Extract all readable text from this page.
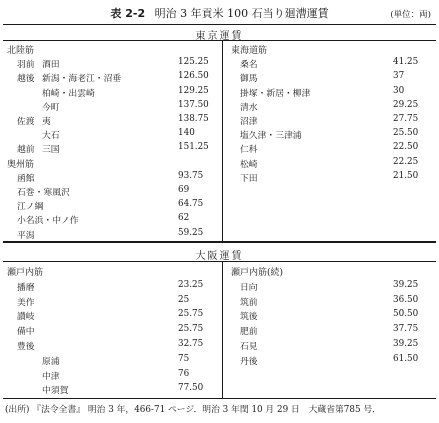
表 2-2 明治 3 年貢米 100 石当り廻漕運賃	(単位：両)
東京運賃
北陸筋
羽前 酒田	125.25
越後 新潟・海老江・沼垂	126.50
柏崎・出雲崎	129.25
今町	137.50
佐渡 夷	138.75
大石	140
越前 三国	151.25
奥州筋
函館	93.75
石巻・寒風沢	69
江ノ綱	64.75
小名浜・中ノ作	62
平潟	59.25
東海道筋
桑名	41.25
御馬	37
掛塚・新居・柳津	30
清水	29.25
沼津	27.75
塩久津・三津浦	25.50
仁科	22.50
松崎	22.25
下田	21.50
大阪運賃
瀬戸内筋
播磨	23.25
美作	25
讃岐	25.75
備中	25.75
豊後	32.75
原浦	75
中津	76
中須賀	77.50
瀬戸内筋(続)
日向	39.25
筑前	36.50
筑後	50.50
肥前	37.75
石見	39.25
丹後	61.50
(出所) 『法令全書』 明治 3 年，466-71 ページ．明治 3 年閏 10 月 29 日　大蔵省第785 号．
